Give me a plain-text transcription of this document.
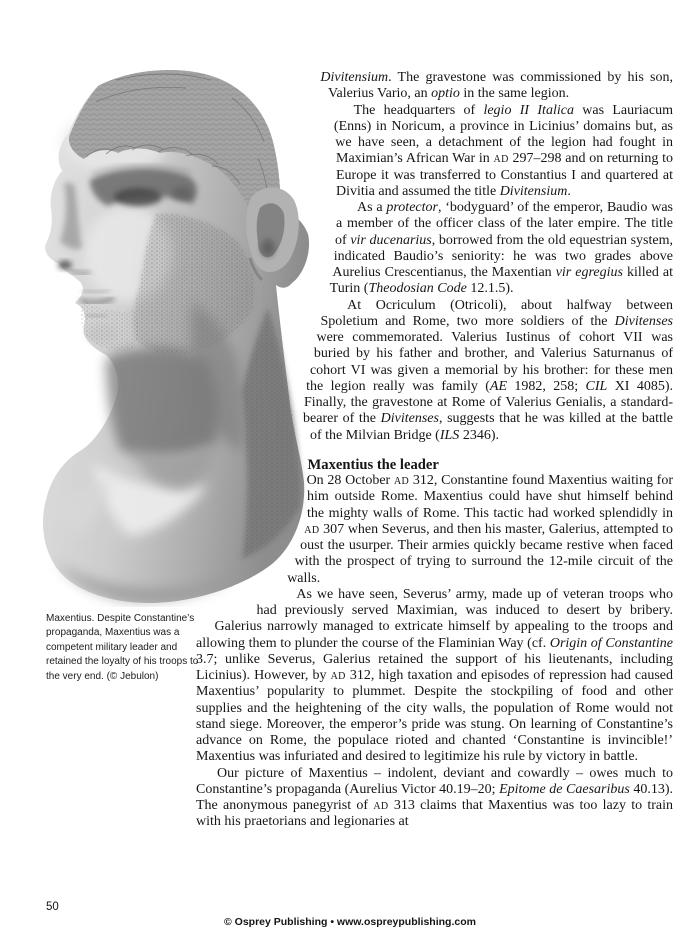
Maxentius. Despite Constantine’s propaganda, Maxentius was a competent military leader and retained the loyalty of his troops to the very end. (© Jebulon)

Divitensium. The gravestone was commissioned by his son, Valerius Vario, an optio in the same legion.

The headquarters of legio II Italica was Lauriacum (Enns) in Noricum, a province in Licinius’ domains but, as we have seen, a detachment of the legion had fought in Maximian’s African War in ad 297–298 and on returning to Europe it was transferred to Constantius I and quartered at Divitia and assumed the title Divitensium.

As a protector, ‘bodyguard’ of the emperor, Baudio was a member of the officer class of the later empire. The title of vir ducenarius, borrowed from the old equestrian system, indicated Baudio’s seniority: he was two grades above Aurelius Crescentianus, the Maxentian vir egregius killed at Turin (Theodosian Code 12.1.5).

At Ocriculum (Otricoli), about halfway between Spoletium and Rome, two more soldiers of the Divitenses were commemorated. Valerius Iustinus of cohort VII was buried by his father and brother, and Valerius Saturnanus of cohort VI was given a memorial by his brother: for these men the legion really was family (AE 1982, 258; CIL XI 4085). Finally, the gravestone at Rome of Valerius Genialis, a standard-bearer of the Divitenses, suggests that he was killed at the battle of the Milvian Bridge (ILS 2346).

Maxentius the leader

On 28 October ad 312, Constantine found Maxentius waiting for him outside Rome. Maxentius could have shut himself behind the mighty walls of Rome. This tactic had worked splendidly in ad 307 when Severus, and then his master, Galerius, attempted to oust the usurper. Their armies quickly became restive when faced with the prospect of trying to surround the 12-mile circuit of the walls.

As we have seen, Severus’ army, made up of veteran troops who had previously served Maximian, was induced to desert by bribery. Galerius narrowly managed to extricate himself by appealing to the troops and allowing them to plunder the course of the Flaminian Way (cf. Origin of Constantine 3.7; unlike Severus, Galerius retained the support of his lieutenants, including Licinius). However, by ad 312, high taxation and episodes of repression had caused Maxentius’ popularity to plummet. Despite the stockpiling of food and other supplies and the heightening of the city walls, the population of Rome would not stand siege. Moreover, the emperor’s pride was stung. On learning of Constantine’s advance on Rome, the populace rioted and chanted ‘Constantine is invincible!’ Maxentius was infuriated and desired to legitimize his rule by victory in battle.

Our picture of Maxentius – indolent, deviant and cowardly – owes much to Constantine’s propaganda (Aurelius Victor 40.19–20; Epitome de Caesaribus 40.13). The anonymous panegyrist of ad 313 claims that Maxentius was too lazy to train with his praetorians and legionaries at

50
© Osprey Publishing • www.ospreypublishing.com
